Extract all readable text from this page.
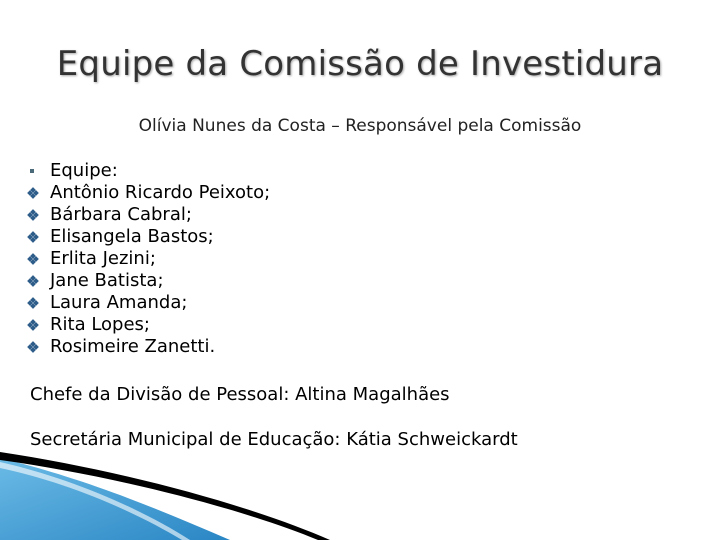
Equipe da Comissão de Investidura
Olívia Nunes da Costa – Responsável pela Comissão
Equipe:
Antônio Ricardo Peixoto;
Bárbara Cabral;
Elisangela Bastos;
Erlita Jezini;
Jane Batista;
Laura Amanda;
Rita Lopes;
Rosimeire Zanetti.
Chefe da Divisão de Pessoal: Altina Magalhães
Secretária Municipal de Educação: Kátia Schweickardt
